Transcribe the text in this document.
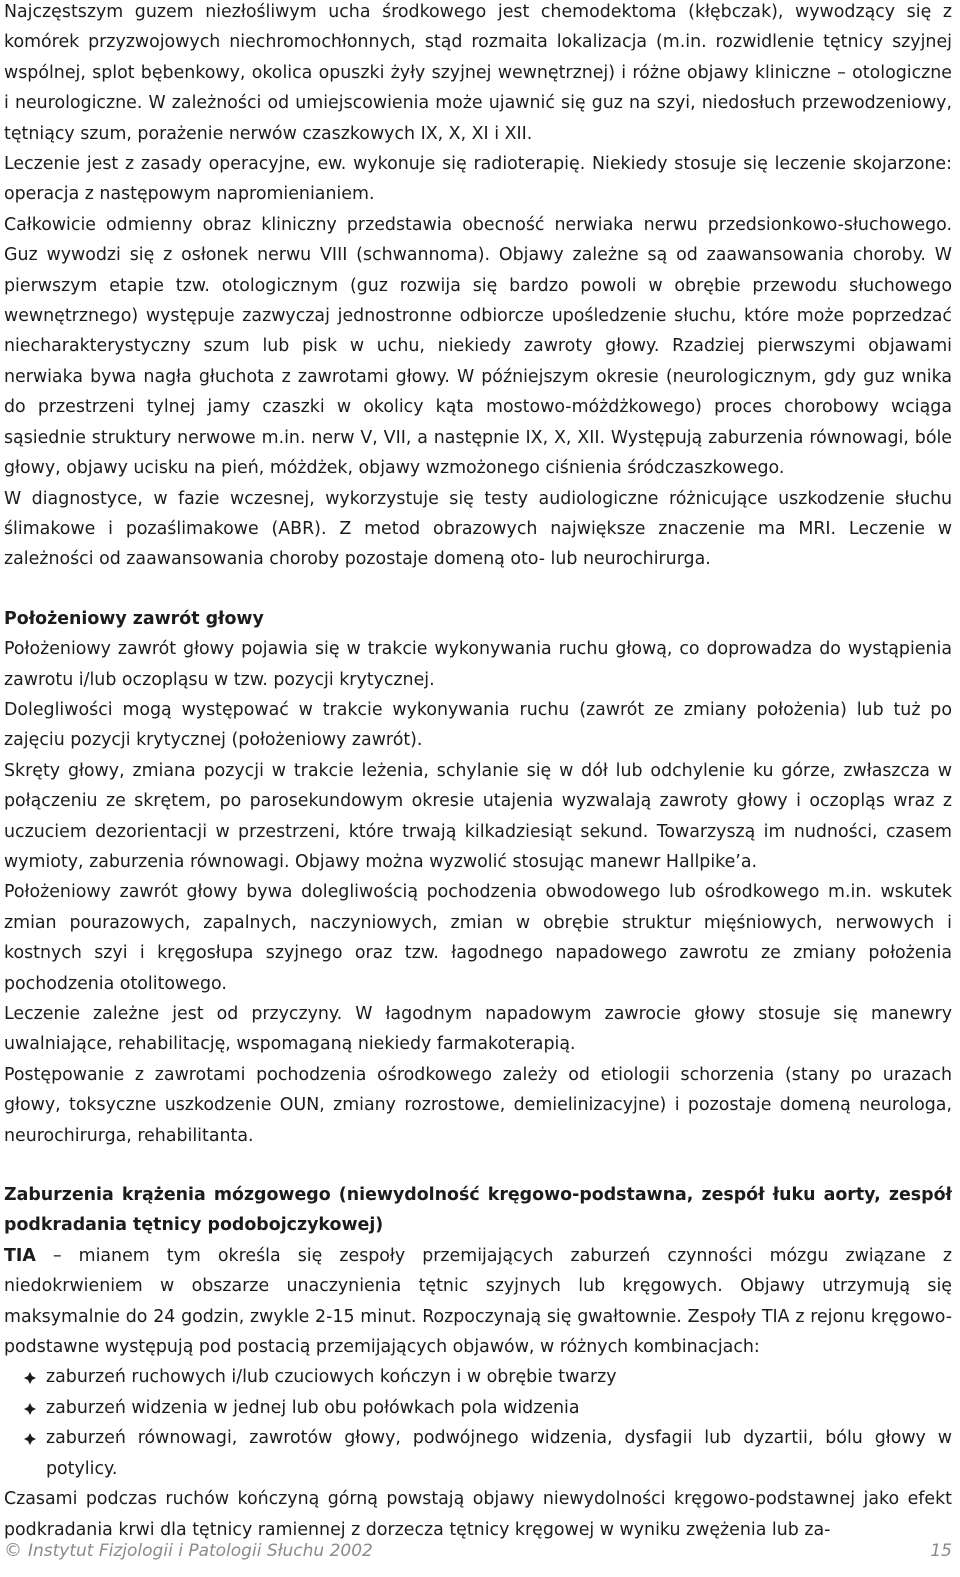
Najczęstszym guzem niezłośliwym ucha środkowego jest chemodektoma (kłębczak), wywodzący się z komórek przyzwojowych niechromochłonnych, stąd rozmaita lokalizacja (m.in. rozwidlenie tętnicy szyjnej wspólnej, splot bębenkowy, okolica opuszki żyły szyjnej wewnętrznej) i różne objawy kliniczne – otologiczne i neurologiczne. W zależności od umiejscowienia może ujawnić się guz na szyi, niedosłuch przewodzeniowy, tętniący szum, porażenie nerwów czaszkowych IX, X, XI i XII.

Leczenie jest z zasady operacyjne, ew. wykonuje się radioterapię. Niekiedy stosuje się leczenie skojarzone: operacja z następowym napromienianiem.

Całkowicie odmienny obraz kliniczny przedstawia obecność nerwiaka nerwu przedsionkowo-słuchowego. Guz wywodzi się z osłonek nerwu VIII (schwannoma). Objawy zależne są od zaawansowania choroby. W pierwszym etapie tzw. otologicznym (guz rozwija się bardzo powoli w obrębie przewodu słuchowego wewnętrznego) występuje zazwyczaj jednostronne odbiorcze upośledzenie słuchu, które może poprzedzać niecharakterystyczny szum lub pisk w uchu, niekiedy zawroty głowy. Rzadziej pierwszymi objawami nerwiaka bywa nagła głuchota z zawrotami głowy. W późniejszym okresie (neurologicznym, gdy guz wnika do przestrzeni tylnej jamy czaszki w okolicy kąta mostowo-móżdżkowego) proces chorobowy wciąga sąsiednie struktury nerwowe m.in. nerw V, VII, a następnie IX, X, XII. Występują zaburzenia równowagi, bóle głowy, objawy ucisku na pień, móżdżek, objawy wzmożonego ciśnienia śródczaszkowego.

W diagnostyce, w fazie wczesnej, wykorzystuje się testy audiologiczne różnicujące uszkodzenie słuchu ślimakowe i pozaślimakowe (ABR). Z metod obrazowych największe znaczenie ma MRI. Leczenie w zależności od zaawansowania choroby pozostaje domeną oto- lub neurochirurga.

Położeniowy zawrót głowy

Położeniowy zawrót głowy pojawia się w trakcie wykonywania ruchu głową, co doprowadza do wystąpienia zawrotu i/lub oczopląsu w tzw. pozycji krytycznej.

Dolegliwości mogą występować w trakcie wykonywania ruchu (zawrót ze zmiany położenia) lub tuż po zajęciu pozycji krytycznej (położeniowy zawrót).

Skręty głowy, zmiana pozycji w trakcie leżenia, schylanie się w dół lub odchylenie ku górze, zwłaszcza w połączeniu ze skrętem, po parosekundowym okresie utajenia wyzwalają zawroty głowy i oczopląs wraz z uczuciem dezorientacji w przestrzeni, które trwają kilkadziesiąt sekund. Towarzyszą im nudności, czasem wymioty, zaburzenia równowagi. Objawy można wyzwolić stosując manewr Hallpike’a.

Położeniowy zawrót głowy bywa dolegliwością pochodzenia obwodowego lub ośrodkowego m.in. wskutek zmian pourazowych, zapalnych, naczyniowych, zmian w obrębie struktur mięśniowych, nerwowych i kostnych szyi i kręgosłupa szyjnego oraz tzw. łagodnego napadowego zawrotu ze zmiany położenia pochodzenia otolitowego.

Leczenie zależne jest od przyczyny. W łagodnym napadowym zawrocie głowy stosuje się manewry uwalniające, rehabilitację, wspomaganą niekiedy farmakoterapią.

Postępowanie z zawrotami pochodzenia ośrodkowego zależy od etiologii schorzenia (stany po urazach głowy, toksyczne uszkodzenie OUN, zmiany rozrostowe, demielinizacyjne) i pozostaje domeną neurologa, neurochirurga, rehabilitanta.

Zaburzenia krążenia mózgowego (niewydolność kręgowo-podstawna, zespół łuku aorty, zespół podkradania tętnicy podobojczykowej)

TIA – mianem tym określa się zespoły przemijających zaburzeń czynności mózgu związane z niedokrwieniem w obszarze unaczynienia tętnic szyjnych lub kręgowych. Objawy utrzymują się maksymalnie do 24 godzin, zwykle 2-15 minut. Rozpoczynają się gwałtownie. Zespoły TIA z rejonu kręgowo-podstawne występują pod postacią przemijających objawów, w różnych kombinacjach:

zaburzeń ruchowych i/lub czuciowych kończyn i w obrębie twarzy
zaburzeń widzenia w jednej lub obu połówkach pola widzenia
zaburzeń równowagi, zawrotów głowy, podwójnego widzenia, dysfagii lub dyzartii, bólu głowy w potylicy.

Czasami podczas ruchów kończyną górną powstają objawy niewydolności kręgowo-podstawnej jako efekt podkradania krwi dla tętnicy ramiennej z dorzecza tętnicy kręgowej w wyniku zwężenia lub za-

© Instytut Fizjologii i Patologii Słuchu 2002	15
